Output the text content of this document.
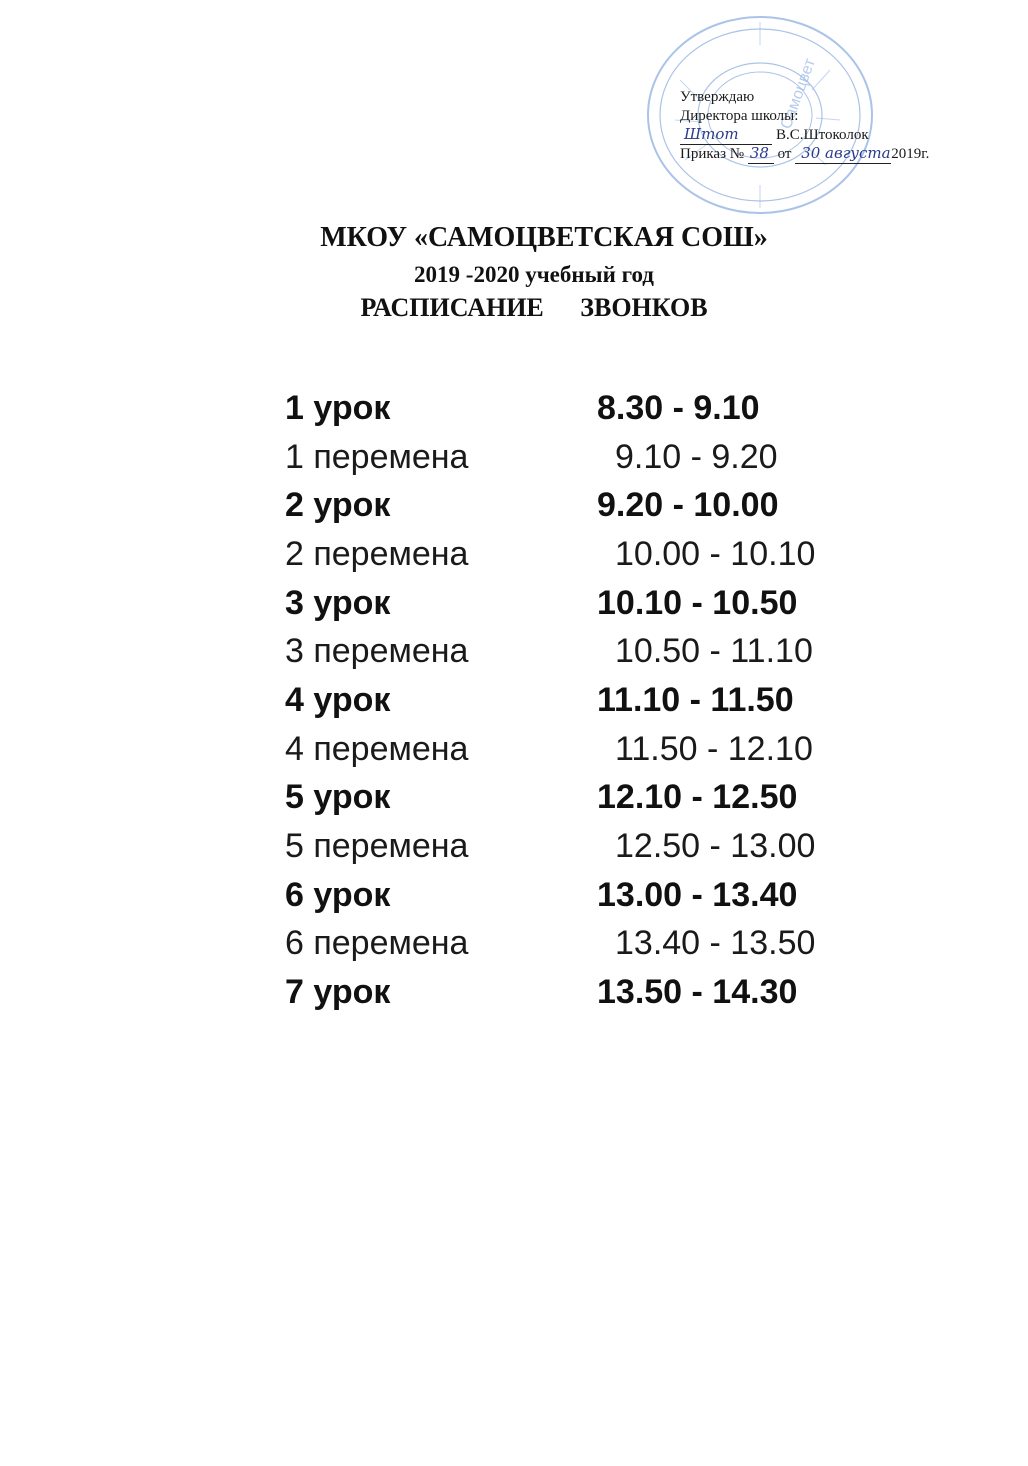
Самоцвет
Утверждаю
Директора школы:
Штот В.С.Штоколок
Приказ № 38 от 30 августа 2019г.
МКОУ «САМОЦВЕТСКАЯ СОШ»
2019 -2020 учебный год
РАСПИСАНИЕ ЗВОНКОВ
1 урок	8.30 - 9.10
1 перемена	9.10 - 9.20
2 урок	9.20 - 10.00
2 перемена	10.00 - 10.10
3 урок	10.10 - 10.50
3 перемена	10.50 - 11.10
4 урок	11.10 - 11.50
4 перемена	11.50 - 12.10
5 урок	12.10 - 12.50
5 перемена	12.50 - 13.00
6 урок	13.00 - 13.40
6 перемена	13.40 - 13.50
7 урок	13.50 - 14.30
